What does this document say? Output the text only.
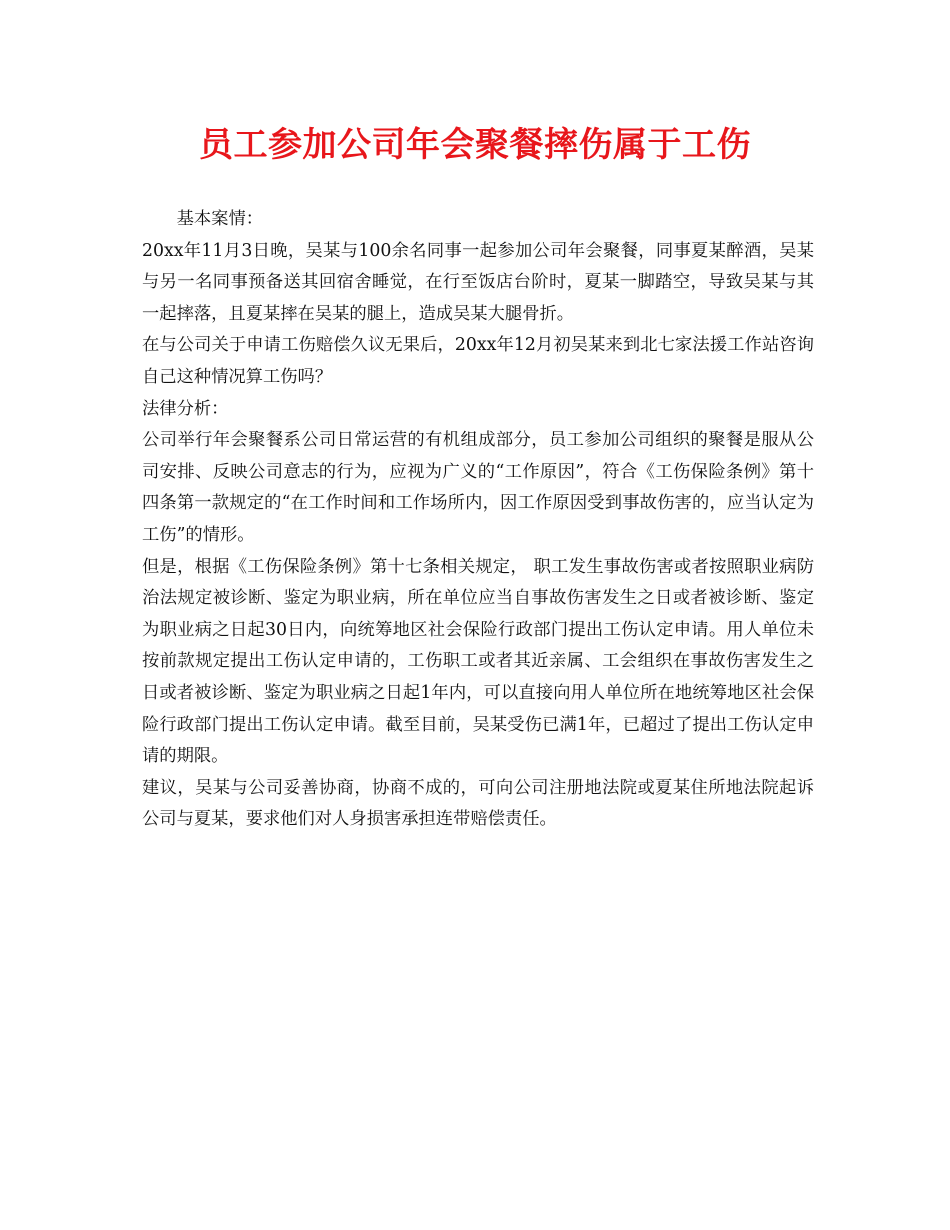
员工参加公司年会聚餐摔伤属于工伤

基本案情：

20xx年11月3日晚，吴某与100余名同事一起参加公司年会聚餐，同事夏某醉酒，吴某与另一名同事预备送其回宿舍睡觉，在行至饭店台阶时，夏某一脚踏空，导致吴某与其一起摔落，且夏某摔在吴某的腿上，造成吴某大腿骨折。

在与公司关于申请工伤赔偿久议无果后，20xx年12月初吴某来到北七家法援工作站咨询自己这种情况算工伤吗？

法律分析：

公司举行年会聚餐系公司日常运营的有机组成部分，员工参加公司组织的聚餐是服从公司安排、反映公司意志的行为，应视为广义的“工作原因”，符合《工伤保险条例》第十四条第一款规定的“在工作时间和工作场所内，因工作原因受到事故伤害的，应当认定为工伤”的情形。

但是，根据《工伤保险条例》第十七条相关规定， 职工发生事故伤害或者按照职业病防治法规定被诊断、鉴定为职业病，所在单位应当自事故伤害发生之日或者被诊断、鉴定为职业病之日起30日内，向统筹地区社会保险行政部门提出工伤认定申请。用人单位未按前款规定提出工伤认定申请的，工伤职工或者其近亲属、工会组织在事故伤害发生之日或者被诊断、鉴定为职业病之日起1年内，可以直接向用人单位所在地统筹地区社会保险行政部门提出工伤认定申请。截至目前，吴某受伤已满1年，已超过了提出工伤认定申请的期限。

建议，吴某与公司妥善协商，协商不成的，可向公司注册地法院或夏某住所地法院起诉公司与夏某，要求他们对人身损害承担连带赔偿责任。
